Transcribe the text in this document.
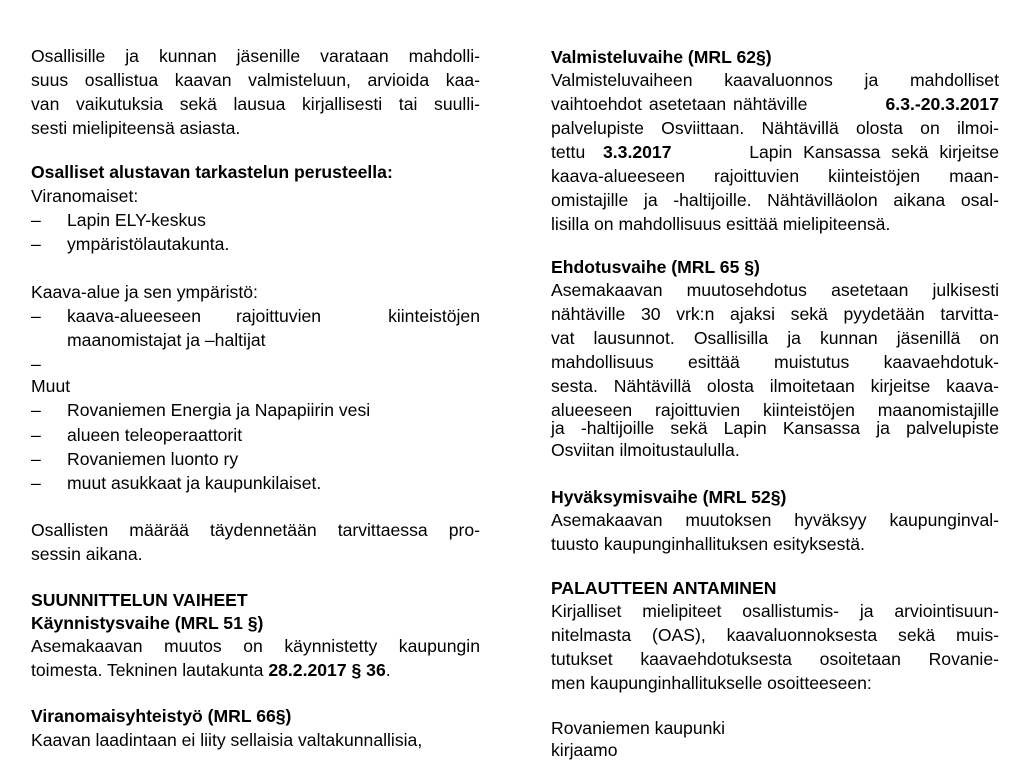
Osallisille ja kunnan jäsenille varataan mahdolli-
suus osallistua kaavan valmisteluun, arvioida kaa-
van vaikutuksia sekä lausua kirjallisesti tai suulli-
sesti mielipiteensä asiasta.
Osalliset alustavan tarkastelun perusteella:
Viranomaiset:
– Lapin ELY-keskus
– ympäristölautakunta.
Kaava-alue ja sen ympäristö:
– kaava-alueeseen rajoittuvien	kiinteistöjen
maanomistajat ja –haltijat
–
Muut
– Rovaniemen Energia ja Napapiirin vesi
– alueen teleoperaattorit
– Rovaniemen luonto ry
– muut asukkaat ja kaupunkilaiset.
Osallisten määrää täydennetään tarvittaessa pro-
sessin aikana.
SUUNNITTELUN VAIHEET
Käynnistysvaihe (MRL 51 §)
Asemakaavan muutos on käynnistetty kaupungin
toimesta. Tekninen lautakunta 28.2.2017 § 36.
Viranomaisyhteistyö (MRL 66§)
Kaavan laadintaan ei liity sellaisia valtakunnallisia,
Valmisteluvaihe (MRL 62§)
Valmisteluvaiheen kaavaluonnos ja mahdolliset
vaihtoehdot asetetaan nähtäville	6.3.-20.3.2017
palvelupiste Osviittaan. Nähtävillä olosta on ilmoi-
tettu 3.3.2017	Lapin Kansassa sekä kirjeitse
kaava-alueeseen rajoittuvien kiinteistöjen maan-
omistajille ja -haltijoille. Nähtävilläolon aikana osal-
lisilla on mahdollisuus esittää mielipiteensä.
Ehdotusvaihe (MRL 65 §)
Asemakaavan muutosehdotus asetetaan julkisesti
nähtäville 30 vrk:n ajaksi sekä pyydetään tarvitta-
vat lausunnot. Osallisilla ja kunnan jäsenillä on
mahdollisuus esittää muistutus kaavaehdotuk-
sesta. Nähtävillä olosta ilmoitetaan kirjeitse kaava-
alueeseen rajoittuvien kiinteistöjen maanomistajille
ja -haltijoille sekä Lapin Kansassa ja palvelupiste
Osviitan ilmoitustaululla.
Hyväksymisvaihe (MRL 52§)
Asemakaavan muutoksen hyväksyy kaupunginval-
tuusto kaupunginhallituksen esityksestä.
PALAUTTEEN ANTAMINEN
Kirjalliset mielipiteet osallistumis- ja arviointisuun-
nitelmasta (OAS), kaavaluonnoksesta sekä muis-
tutukset kaavaehdotuksesta osoitetaan Rovanie-
men kaupunginhallitukselle osoitteeseen:
Rovaniemen kaupunki
kirjaamo
